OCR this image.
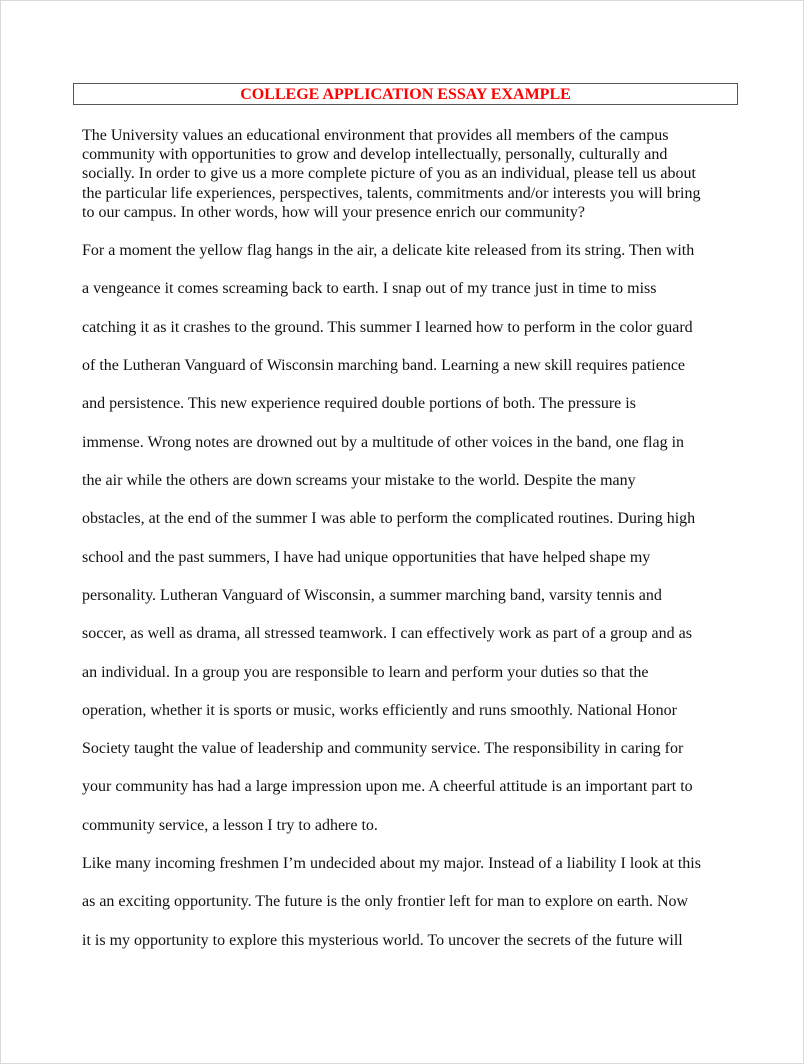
COLLEGE APPLICATION ESSAY EXAMPLE
The University values an educational environment that provides all members of the campus
community with opportunities to grow and develop intellectually, personally, culturally and
socially. In order to give us a more complete picture of you as an individual, please tell us about
the particular life experiences, perspectives, talents, commitments and/or interests you will bring
to our campus. In other words, how will your presence enrich our community?
For a moment the yellow flag hangs in the air, a delicate kite released from its string. Then with
a vengeance it comes screaming back to earth. I snap out of my trance just in time to miss
catching it as it crashes to the ground. This summer I learned how to perform in the color guard
of the Lutheran Vanguard of Wisconsin marching band. Learning a new skill requires patience
and persistence. This new experience required double portions of both. The pressure is
immense. Wrong notes are drowned out by a multitude of other voices in the band, one flag in
the air while the others are down screams your mistake to the world. Despite the many
obstacles, at the end of the summer I was able to perform the complicated routines. During high
school and the past summers, I have had unique opportunities that have helped shape my
personality. Lutheran Vanguard of Wisconsin, a summer marching band, varsity tennis and
soccer, as well as drama, all stressed teamwork. I can effectively work as part of a group and as
an individual. In a group you are responsible to learn and perform your duties so that the
operation, whether it is sports or music, works efficiently and runs smoothly. National Honor
Society taught the value of leadership and community service. The responsibility in caring for
your community has had a large impression upon me. A cheerful attitude is an important part to
community service, a lesson I try to adhere to.
Like many incoming freshmen I’m undecided about my major. Instead of a liability I look at this
as an exciting opportunity. The future is the only frontier left for man to explore on earth. Now
it is my opportunity to explore this mysterious world. To uncover the secrets of the future will
